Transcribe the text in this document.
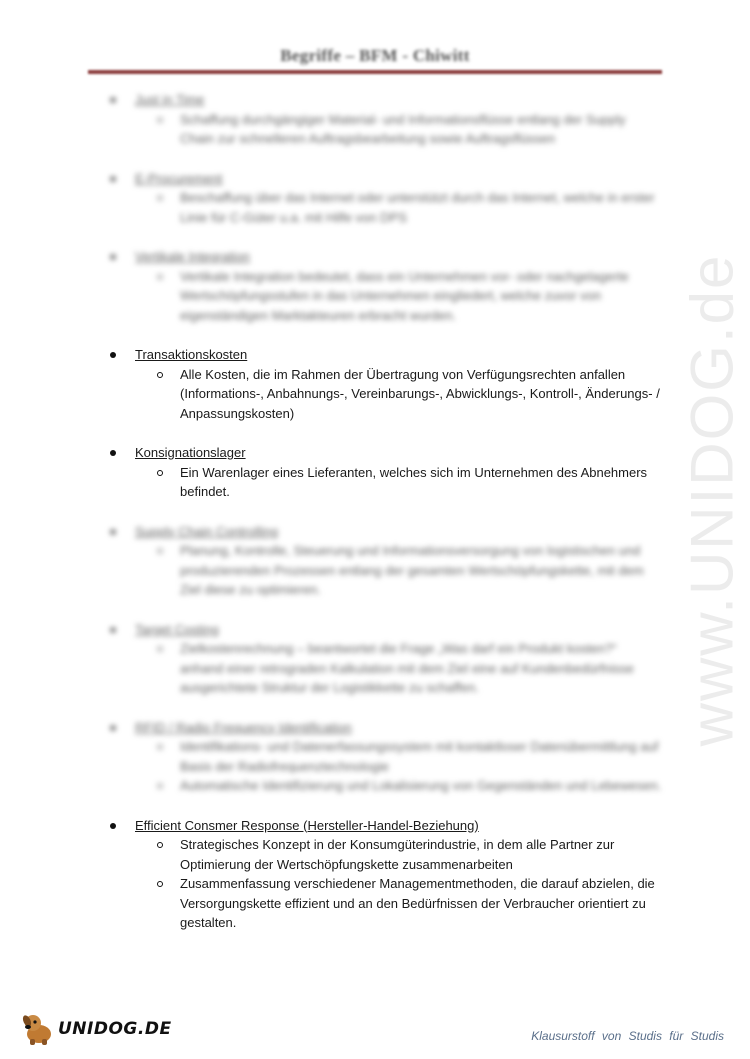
Begriffe – BFM - Chiwitt
www.UNIDOG.de
Just in Time
Schaffung durchgängiger Material- und Informationsflüsse entlang der Supply Chain zur schnelleren Auftragsbearbeitung sowie Auftragsflüssen
E-Procurement
Beschaffung über das Internet oder unterstützt durch das Internet, welche in erster Linie für C-Güter u.a. mit Hilfe von DPS
Vertikale Integration
Vertikale Integration bedeutet, dass ein Unternehmen vor- oder nachgelagerte Wertschöpfungsstufen in das Unternehmen eingliedert, welche zuvor von eigenständigen Marktakteuren erbracht wurden.
Transaktionskosten
Alle Kosten, die im Rahmen der Übertragung von Verfügungsrechten anfallen (Informations-, Anbahnungs-, Vereinbarungs-, Abwicklungs-, Kontroll-, Änderungs- / Anpassungskosten)
Konsignationslager
Ein Warenlager eines Lieferanten, welches sich im Unternehmen des Abnehmers befindet.
Supply Chain Controlling
Planung, Kontrolle, Steuerung und Informationsversorgung von logistischen und produzierenden Prozessen entlang der gesamten Wertschöpfungskette, mit dem Ziel diese zu optimieren.
Target Costing
Zielkostenrechnung – beantwortet die Frage „Was darf ein Produkt kosten?“ anhand einer retrograden Kalkulation mit dem Ziel eine auf Kundenbedürfnisse ausgerichtete Struktur der Logistikkette zu schaffen.
RFID / Radio Frequency Identification
Identifikations- und Datenerfassungssystem mit kontaktloser Datenübermittlung auf Basis der Radiofrequenztechnologie
Automatische Identifizierung und Lokalisierung von Gegenständen und Lebewesen.
Efficient Consmer Response (Hersteller-Handel-Beziehung)
Strategisches Konzept in der Konsumgüterindustrie, in dem alle Partner zur Optimierung der Wertschöpfungskette zusammenarbeiten
Zusammenfassung verschiedener Managementmethoden, die darauf abzielen, die Versorgungskette effizient und an den Bedürfnissen der Verbraucher orientiert zu gestalten.
UNIDOG.DE	Klausurstoff von Studis für Studis
